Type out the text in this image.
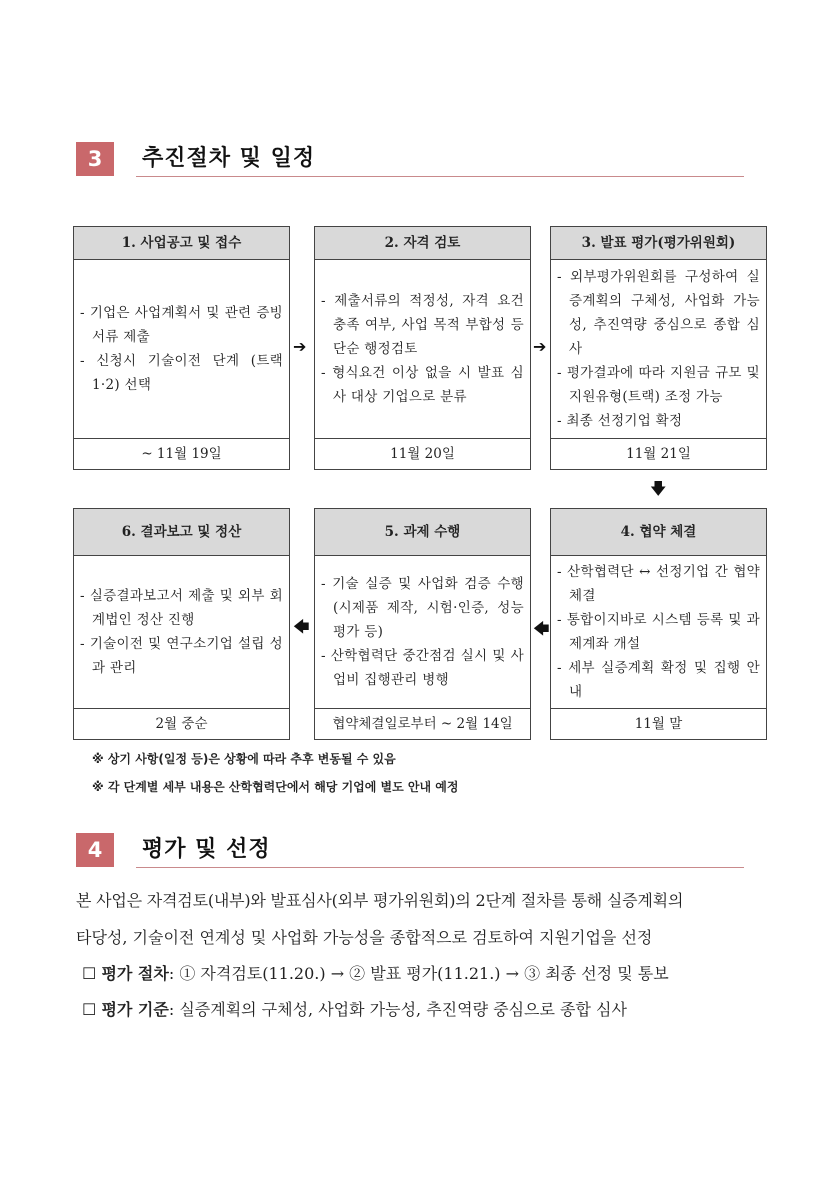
3	추진절차 및 일정
1. 사업공고 및 접수
- 기업은 사업계획서 및 관련 증빙서류 제출
- 신청시 기술이전 단계 (트랙1·2) 선택
~ 11월 19일
➔
2. 자격 검토
- 제출서류의 적정성, 자격 요건 충족 여부, 사업 목적 부합성 등 단순 행정검토
- 형식요건 이상 없을 시 발표 심사 대상 기업으로 분류
11월 20일
➔
3. 발표 평가(평가위원회)
- 외부평가위원회를 구성하여 실증계획의 구체성, 사업화 가능성, 추진역량 중심으로 종합 심사
- 평가결과에 따라 지원금 규모 및 지원유형(트랙) 조정 가능
- 최종 선정기업 확정
11월 21일
🡇
6. 결과보고 및 정산
- 실증결과보고서 제출 및 외부 회계법인 정산 진행
- 기술이전 및 연구소기업 설립 성과 관리
2월 중순
🡄
5. 과제 수행
- 기술 실증 및 사업화 검증 수행 (시제품 제작, 시험·인증, 성능평가 등)
- 산학협력단 중간점검 실시 및 사업비 집행관리 병행
협약체결일로부터 ~ 2월 14일
🡄
4. 협약 체결
- 산학협력단 ↔ 선정기업 간 협약 체결
- 통합이지바로 시스템 등록 및 과제계좌 개설
- 세부 실증계획 확정 및 집행 안내
11월 말
※ 상기 사항(일정 등)은 상황에 따라 추후 변동될 수 있음
※ 각 단계별 세부 내용은 산학협력단에서 해당 기업에 별도 안내 예정
4	평가 및 선정
본 사업은 자격검토(내부)와 발표심사(외부 평가위원회)의 2단계 절차를 통해 실증계획의
타당성, 기술이전 연계성 및 사업화 가능성을 종합적으로 검토하여 지원기업을 선정
☐ 평가 절차: ① 자격검토(11.20.) → ② 발표 평가(11.21.) → ③ 최종 선정 및 통보
☐ 평가 기준: 실증계획의 구체성, 사업화 가능성, 추진역량 중심으로 종합 심사
